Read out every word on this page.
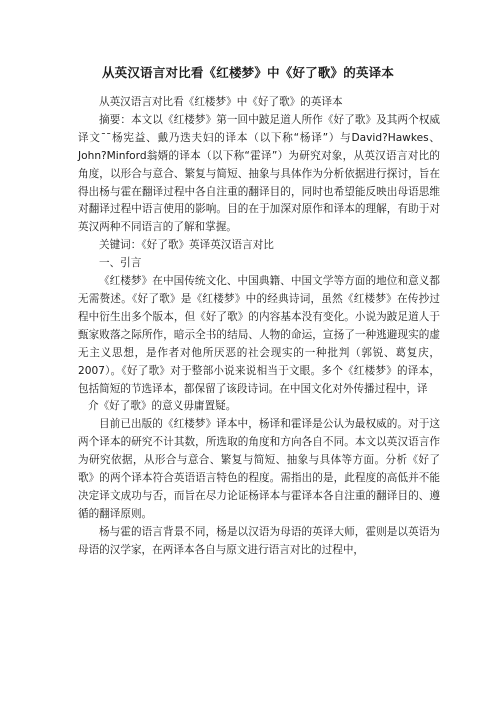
从英汉语言对比看《红楼梦》中《好了歌》的英译本

从英汉语言对比看《红楼梦》中《好了歌》的英译本

摘要：本文以《红楼梦》第一回中跛足道人所作《好了歌》及其两个权威译文¯¯杨宪益、戴乃迭夫妇的译本（以下称“杨译”）与David?Hawkes、John?Minford翁婿的译本（以下称“霍译”）为研究对象，从英汉语言对比的角度，以形合与意合、繁复与简短、抽象与具体作为分析依据进行探讨，旨在得出杨与霍在翻译过程中各自注重的翻译目的，同时也希望能反映出母语思维对翻译过程中语言使用的影响。目的在于加深对原作和译本的理解，有助于对英汉两种不同语言的了解和掌握。

关键词：《好了歌》英译英汉语言对比

一、引言

《红楼梦》在中国传统文化、中国典籍、中国文学等方面的地位和意义都无需赘述。《好了歌》是《红楼梦》中的经典诗词，虽然《红楼梦》在传抄过程中衍生出多个版本，但《好了歌》的内容基本没有变化。小说为跛足道人于甄家败落之际所作，暗示全书的结局、人物的命运，宣扬了一种逃避现实的虚无主义思想，是作者对他所厌恶的社会现实的一种批判（郭锐、葛复庆，2007）。《好了歌》对于整部小说来说相当于文眼。多个《红楼梦》的译本，包括简短的节选译本，都保留了该段诗词。在中国文化对外传播过程中，译

介《好了歌》的意义毋庸置疑。

目前已出版的《红楼梦》译本中，杨译和霍译是公认为最权威的。对于这两个译本的研究不计其数，所选取的角度和方向各自不同。本文以英汉语言作为研究依据，从形合与意合、繁复与简短、抽象与具体等方面。分析《好了歌》的两个译本符合英语语言特色的程度。需指出的是，此程度的高低并不能决定译文成功与否，而旨在尽力论证杨译本与霍译本各自注重的翻译目的、遵循的翻译原则。

杨与霍的语言背景不同，杨是以汉语为母语的英译大师，霍则是以英语为母语的汉学家，在两译本各自与原文进行语言对比的过程中，
